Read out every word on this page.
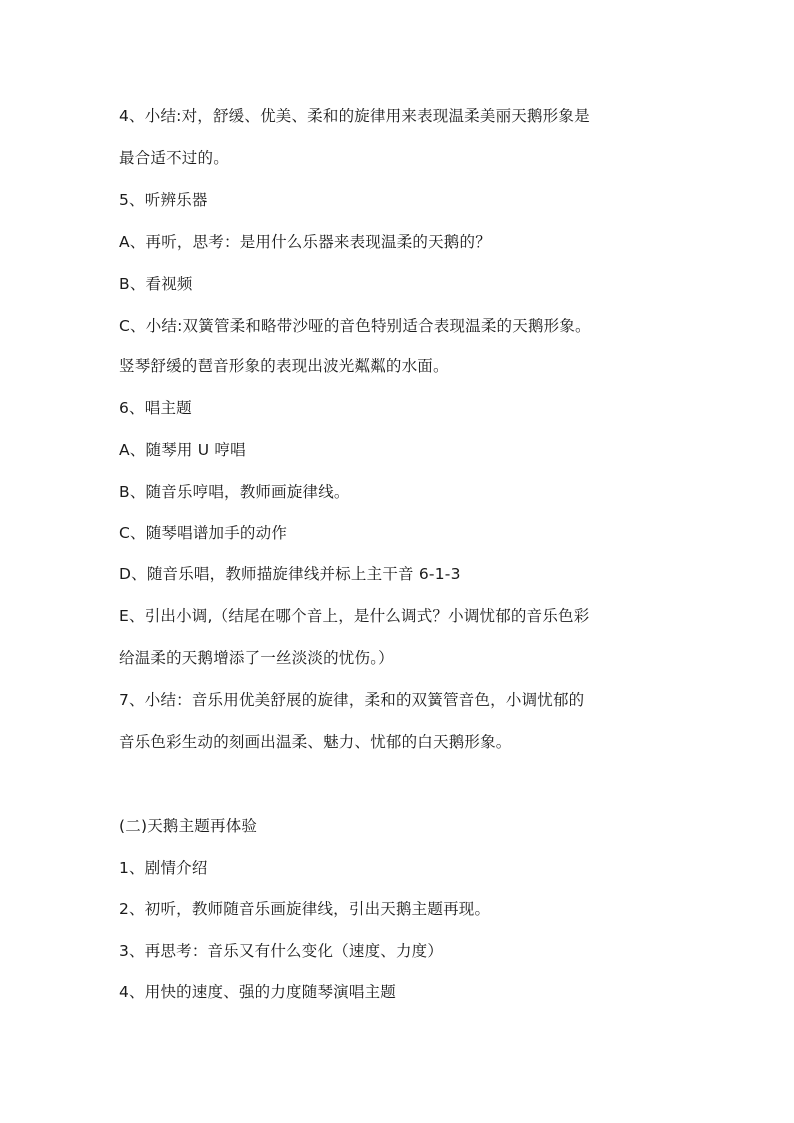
4、小结:对，舒缓、优美、柔和的旋律用来表现温柔美丽天鹅形象是

最合适不过的。

5、听辨乐器

A、再听，思考：是用什么乐器来表现温柔的天鹅的？

B、看视频

C、小结:双簧管柔和略带沙哑的音色特别适合表现温柔的天鹅形象。

竖琴舒缓的琶音形象的表现出波光粼粼的水面。

6、唱主题

A、随琴用 U 哼唱

B、随音乐哼唱，教师画旋律线。

C、随琴唱谱加手的动作

D、随音乐唱，教师描旋律线并标上主干音 6-1-3

E、引出小调,（结尾在哪个音上，是什么调式？小调忧郁的音乐色彩

给温柔的天鹅增添了一丝淡淡的忧伤。）

7、小结：音乐用优美舒展的旋律，柔和的双簧管音色，小调忧郁的

音乐色彩生动的刻画出温柔、魅力、忧郁的白天鹅形象。

(二)天鹅主题再体验

1、剧情介绍

2、初听，教师随音乐画旋律线，引出天鹅主题再现。

3、再思考：音乐又有什么变化（速度、力度）

4、用快的速度、强的力度随琴演唱主题
